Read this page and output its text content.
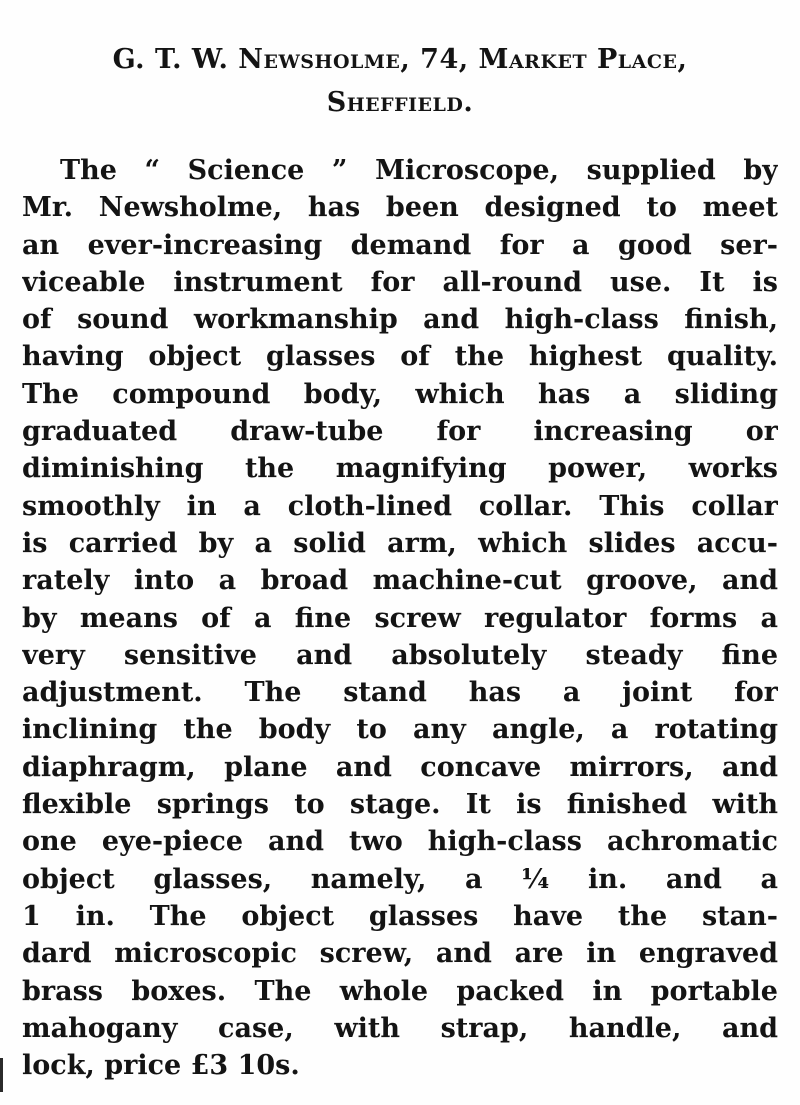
G. T. W. Newsholme, 74, Market Place,
Sheffield.
The “ Science ” Microscope, supplied by
Mr. Newsholme, has been designed to meet
an ever-increasing demand for a good ser-
viceable instrument for all-round use. It is
of sound workmanship and high-class finish,
having object glasses of the highest quality.
The compound body, which has a sliding
graduated draw-tube for increasing or
diminishing the magnifying power, works
smoothly in a cloth-lined collar. This collar
is carried by a solid arm, which slides accu-
rately into a broad machine-cut groove, and
by means of a fine screw regulator forms a
very sensitive and absolutely steady fine
adjustment. The stand has a joint for
inclining the body to any angle, a rotating
diaphragm, plane and concave mirrors, and
flexible springs to stage. It is finished with
one eye-piece and two high-class achromatic
object glasses, namely, a ¼ in. and a
1 in. The object glasses have the stan-
dard microscopic screw, and are in engraved
brass boxes. The whole packed in portable
mahogany case, with strap, handle, and
lock, price £3 10s.
